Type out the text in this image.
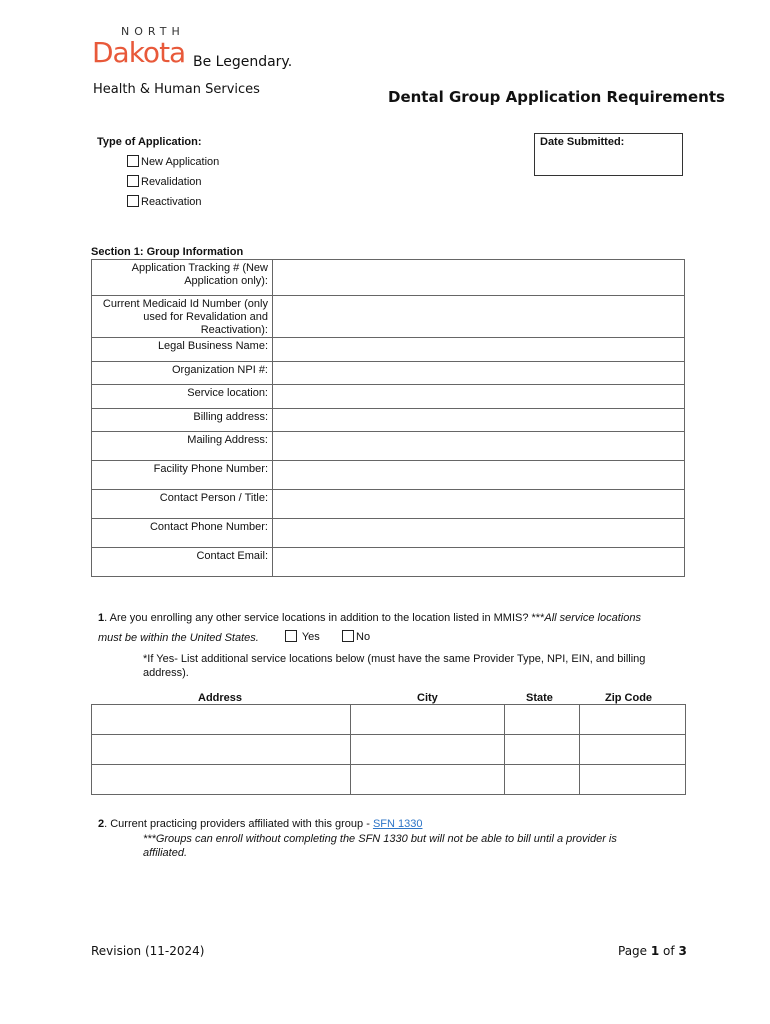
NORTH
Dakota Be Legendary.
Health & Human Services	Dental Group Application Requirements
Type of Application:
New Application
Revalidation
Reactivation
Date Submitted:
Section 1: Group Information
Application Tracking # (New Application only):	
Current Medicaid Id Number (only used for Revalidation and Reactivation):	
Legal Business Name:	
Organization NPI #:	
Service location:	
Billing address:	
Mailing Address:	
Facility Phone Number:	
Contact Person / Title:	
Contact Phone Number:	
Contact Email:	
1. Are you enrolling any other service locations in addition to the location listed in MMIS? ***All service locations
must be within the United States.	Yes	No
*If Yes- List additional service locations below (must have the same Provider Type, NPI, EIN, and billing address).
Address	City	State	Zip Code

2. Current practicing providers affiliated with this group - SFN 1330
***Groups can enroll without completing the SFN 1330 but will not be able to bill until a provider is affiliated.
Revision (11-2024)	Page 1 of 3
